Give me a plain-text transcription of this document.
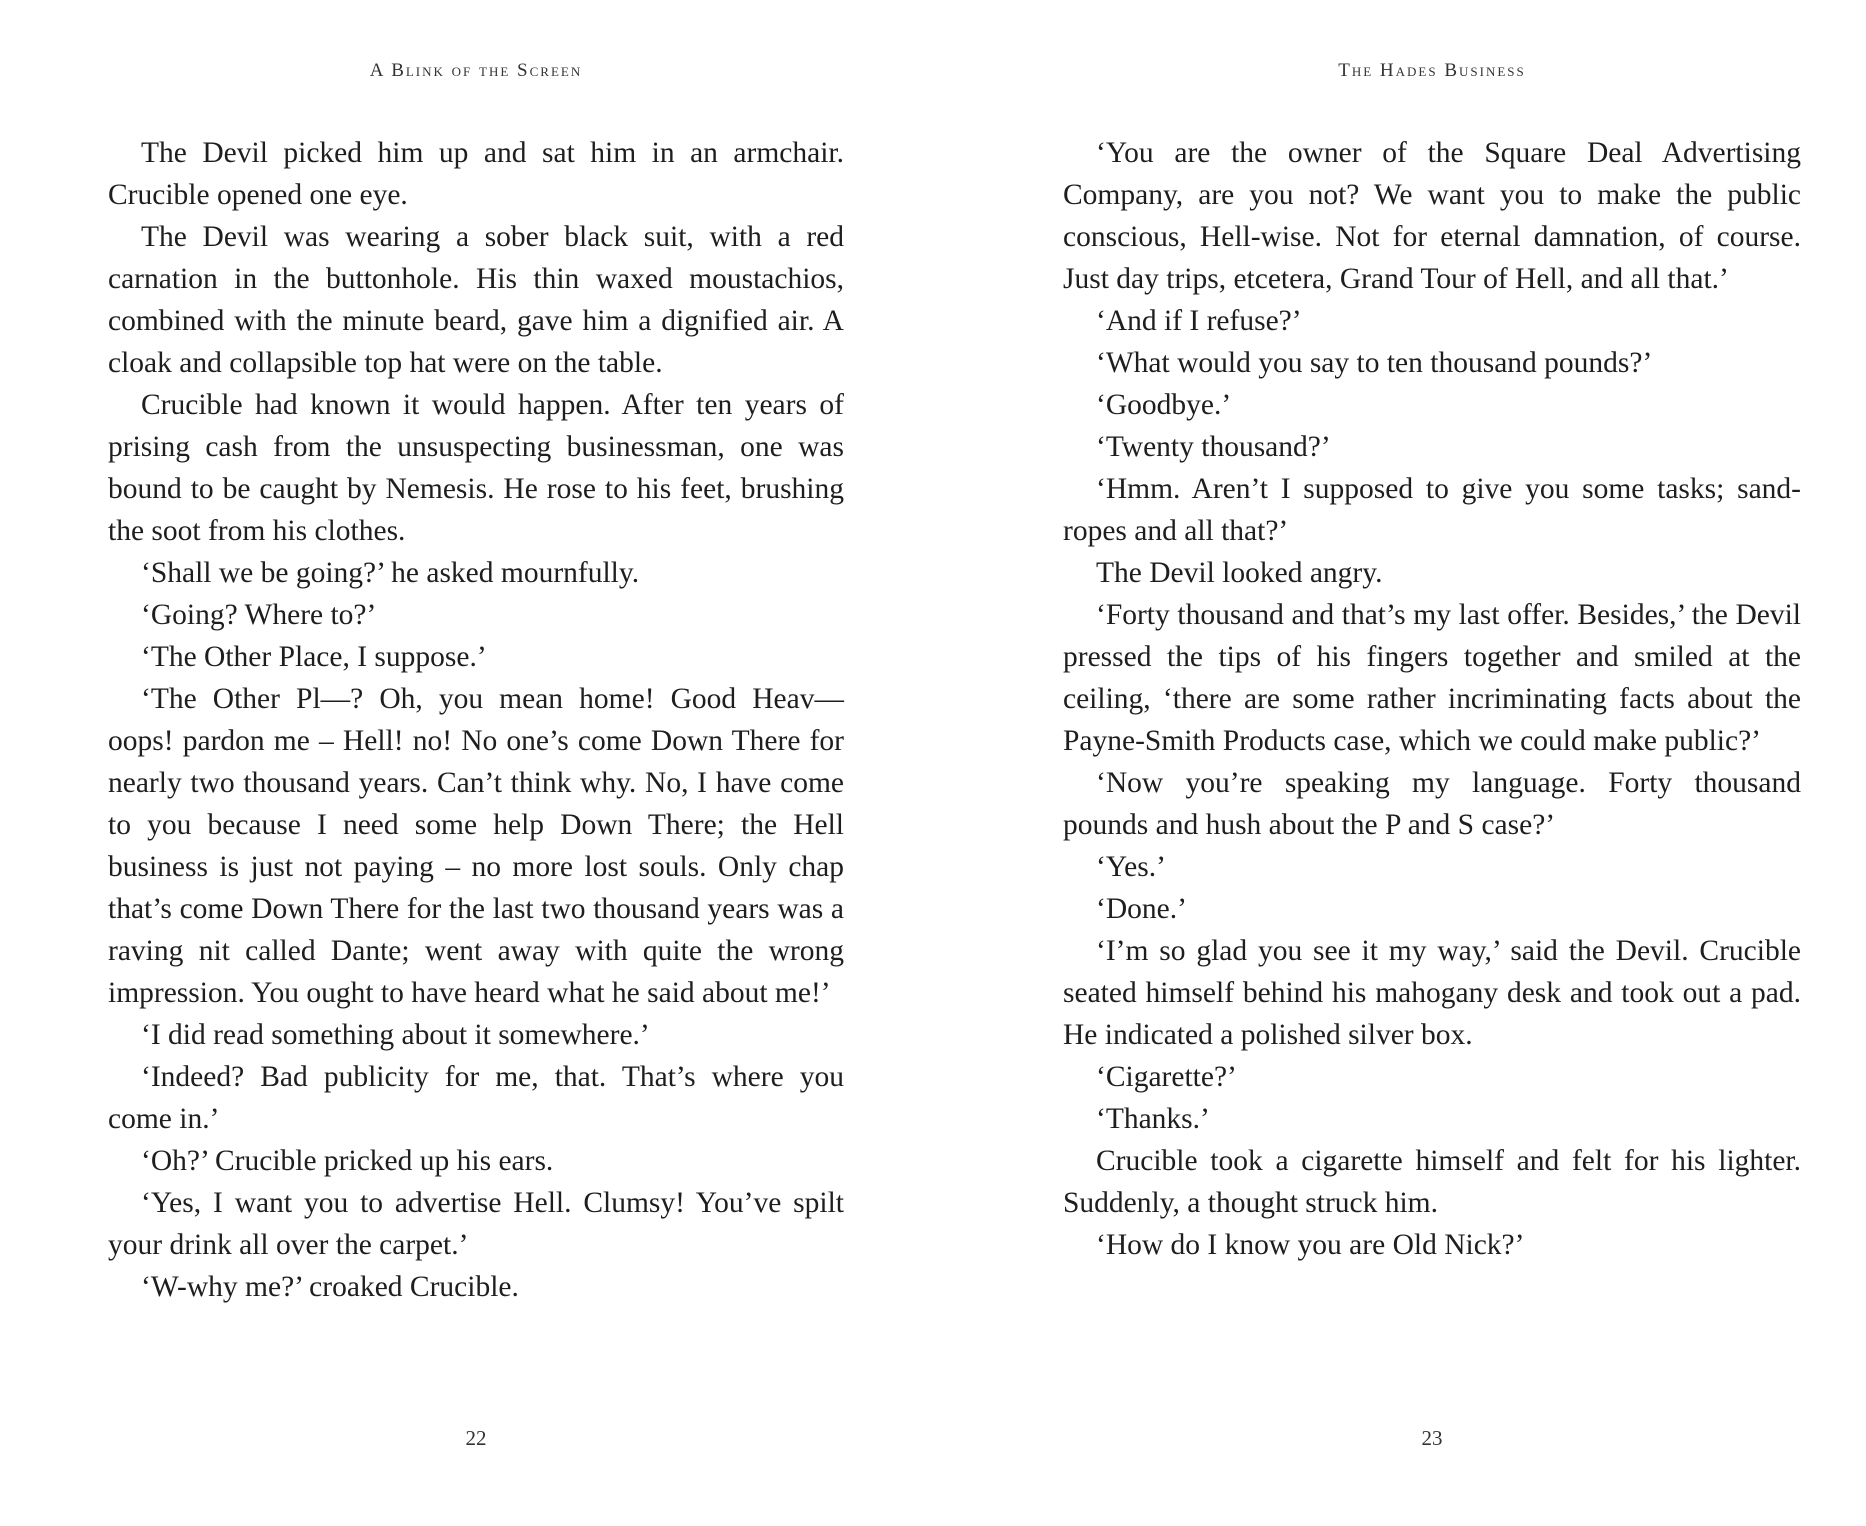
A Blink of the Screen

The Devil picked him up and sat him in an armchair. Crucible opened one eye.

The Devil was wearing a sober black suit, with a red carnation in the buttonhole. His thin waxed moustachios, combined with the minute beard, gave him a dignified air. A cloak and collapsible top hat were on the table.

Crucible had known it would happen. After ten years of prising cash from the unsuspecting businessman, one was bound to be caught by Nemesis. He rose to his feet, brushing the soot from his clothes.

‘Shall we be going?’ he asked mournfully.

‘Going? Where to?’

‘The Other Place, I suppose.’

‘The Other Pl—? Oh, you mean home! Good Heav— oops! pardon me – Hell! no! No one’s come Down There for nearly two thousand years. Can’t think why. No, I have come to you because I need some help Down There; the Hell business is just not paying – no more lost souls. Only chap that’s come Down There for the last two thousand years was a raving nit called Dante; went away with quite the wrong impression. You ought to have heard what he said about me!’

‘I did read something about it somewhere.’

‘Indeed? Bad publicity for me, that. That’s where you come in.’

‘Oh?’ Crucible pricked up his ears.

‘Yes, I want you to advertise Hell. Clumsy! You’ve spilt your drink all over the carpet.’

‘W-why me?’ croaked Crucible.

22
The Hades Business

‘You are the owner of the Square Deal Advertising Company, are you not? We want you to make the public conscious, Hell-wise. Not for eternal damnation, of course. Just day trips, etcetera, Grand Tour of Hell, and all that.’

‘And if I refuse?’

‘What would you say to ten thousand pounds?’

‘Goodbye.’

‘Twenty thousand?’

‘Hmm. Aren’t I supposed to give you some tasks; sandropes and all that?’

The Devil looked angry.

‘Forty thousand and that’s my last offer. Besides,’ the Devil pressed the tips of his fingers together and smiled at the ceiling, ‘there are some rather incriminating facts about the Payne-Smith Products case, which we could make public?’

‘Now you’re speaking my language. Forty thousand pounds and hush about the P and S case?’

‘Yes.’

‘Done.’

‘I’m so glad you see it my way,’ said the Devil. Crucible seated himself behind his mahogany desk and took out a pad. He indicated a polished silver box.

‘Cigarette?’

‘Thanks.’

Crucible took a cigarette himself and felt for his lighter. Suddenly, a thought struck him.

‘How do I know you are Old Nick?’

23
